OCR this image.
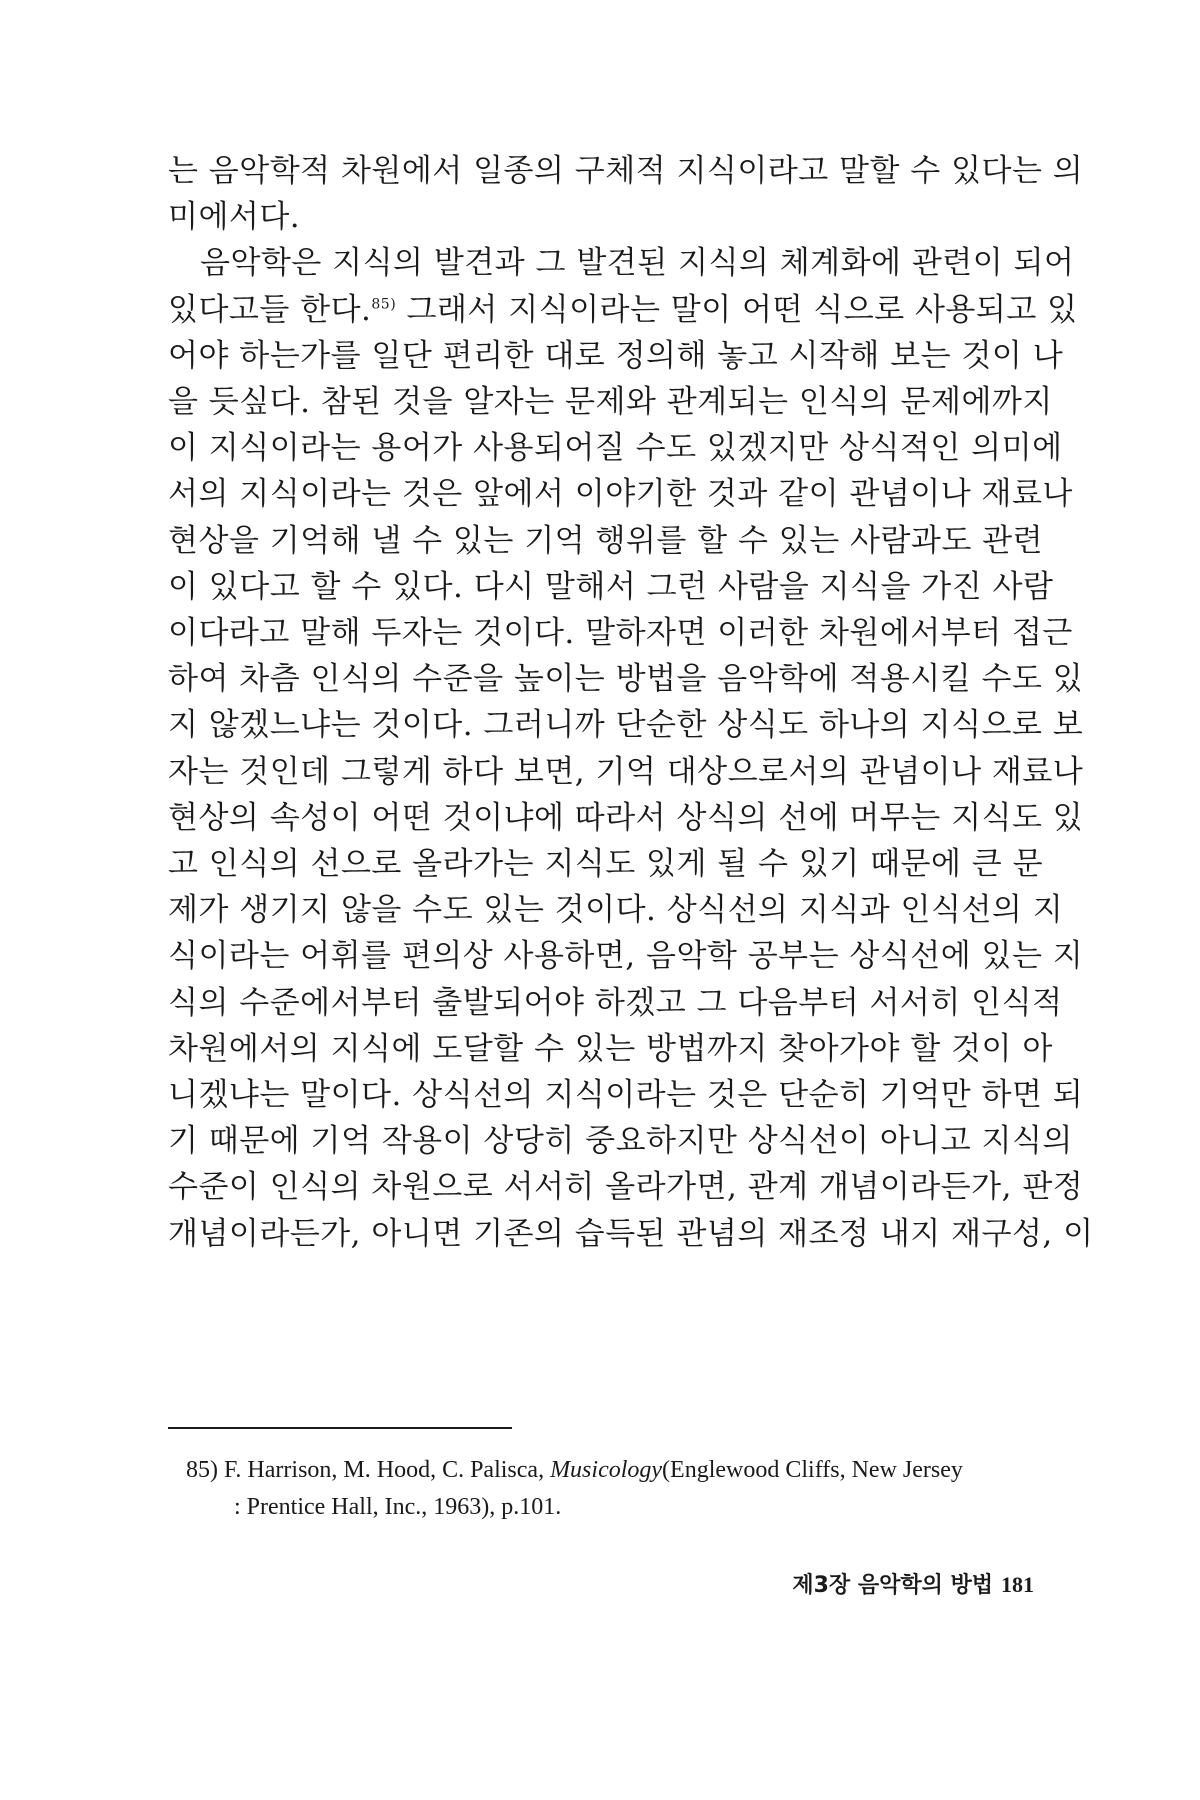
는 음악학적 차원에서 일종의 구체적 지식이라고 말할 수 있다는 의
미에서다.
음악학은 지식의 발견과 그 발견된 지식의 체계화에 관련이 되어
있다고들 한다.$^{85)}$ 그래서 지식이라는 말이 어떤 식으로 사용되고 있
어야 하는가를 일단 편리한 대로 정의해 놓고 시작해 보는 것이 나
을 듯싶다. 참된 것을 알자는 문제와 관계되는 인식의 문제에까지
이 지식이라는 용어가 사용되어질 수도 있겠지만 상식적인 의미에
서의 지식이라는 것은 앞에서 이야기한 것과 같이 관념이나 재료나
현상을 기억해 낼 수 있는 기억 행위를 할 수 있는 사람과도 관련
이 있다고 할 수 있다. 다시 말해서 그런 사람을 지식을 가진 사람
이다라고 말해 두자는 것이다. 말하자면 이러한 차원에서부터 접근
하여 차츰 인식의 수준을 높이는 방법을 음악학에 적용시킬 수도 있
지 않겠느냐는 것이다. 그러니까 단순한 상식도 하나의 지식으로 보
자는 것인데 그렇게 하다 보면, 기억 대상으로서의 관념이나 재료나
현상의 속성이 어떤 것이냐에 따라서 상식의 선에 머무는 지식도 있
고 인식의 선으로 올라가는 지식도 있게 될 수 있기 때문에 큰 문
제가 생기지 않을 수도 있는 것이다. 상식선의 지식과 인식선의 지
식이라는 어휘를 편의상 사용하면, 음악학 공부는 상식선에 있는 지
식의 수준에서부터 출발되어야 하겠고 그 다음부터 서서히 인식적
차원에서의 지식에 도달할 수 있는 방법까지 찾아가야 할 것이 아
니겠냐는 말이다. 상식선의 지식이라는 것은 단순히 기억만 하면 되
기 때문에 기억 작용이 상당히 중요하지만 상식선이 아니고 지식의
수준이 인식의 차원으로 서서히 올라가면, 관계 개념이라든가, 판정
개념이라든가, 아니면 기존의 습득된 관념의 재조정 내지 재구성, 이
85) F. Harrison, M. Hood, C. Palisca, Musicology(Englewood Cliffs, New Jersey
: Prentice Hall, Inc., 1963), p.101.
제3장 음악학의 방법 181
